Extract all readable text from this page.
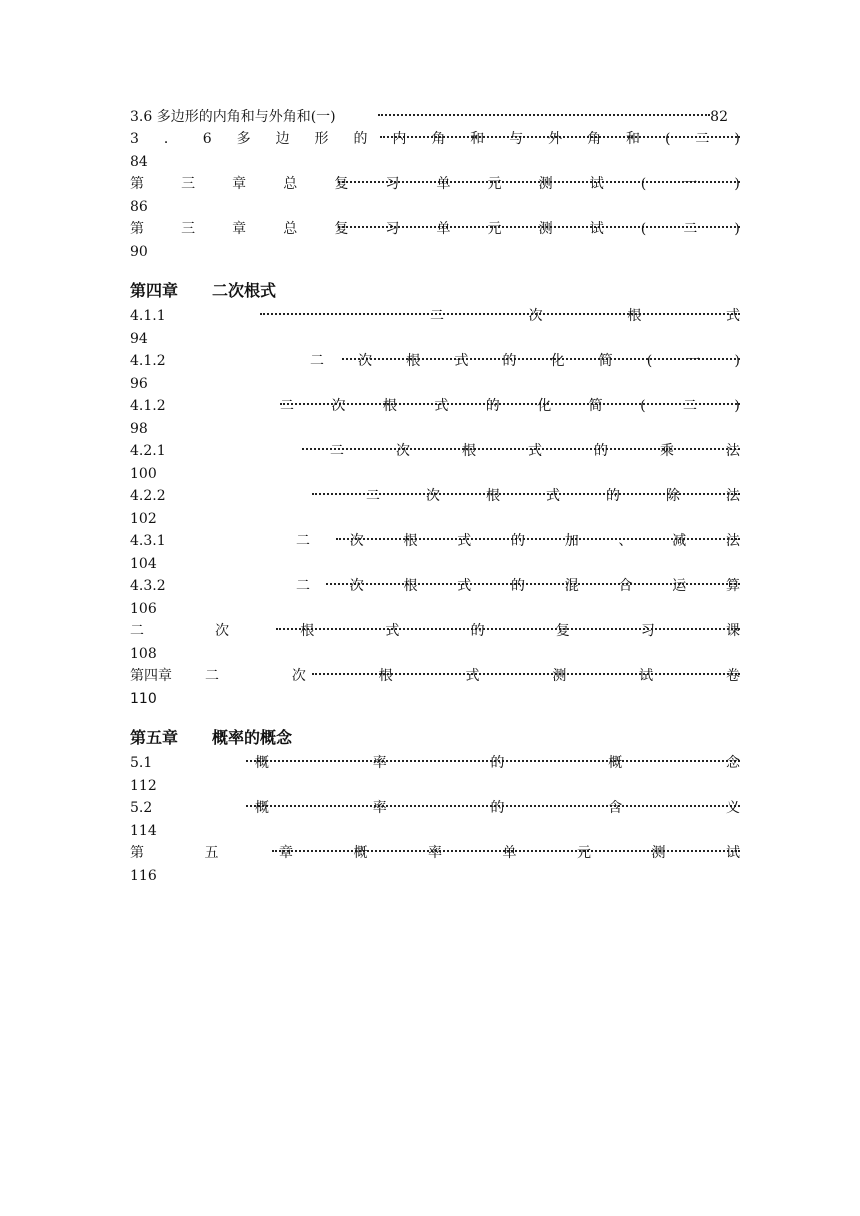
3.6 多边形的内角和与外角和(一)	82
3 ． 6 多 边 形 的 内 角 和 与 外 角 和 ( 二 )
84
第	三	章	总	复	习	单	元	测	试	(	一	)
86
第	三	章	总	复	习	单	元	测	试	(	二	)
90
第四章 二次根式
4.1.1	二	次	根	式
94
4.1.2	二 次 根 式 的 化 简 ( 一 )
96
4.1.2	二	次	根	式	的	化	简	(	二	)
98
4.2.1	二	次	根	式	的	乘	法
100
4.2.2	二	次	根	式	的	除	法
102
4.3.1	二	次	根	式	的	加	、	减	法
104
4.3.2	二	次	根	式	的	混	合	运	算
106
二	次	根	式	的	复	习	课
108
第四章 二	次	根	式	测	试	卷
110
第五章 概率的概念
5.1	概	率	的	概	念
112
5.2	概	率	的	含	义
114
第	五	章	概	率	单	元	测	试
116
